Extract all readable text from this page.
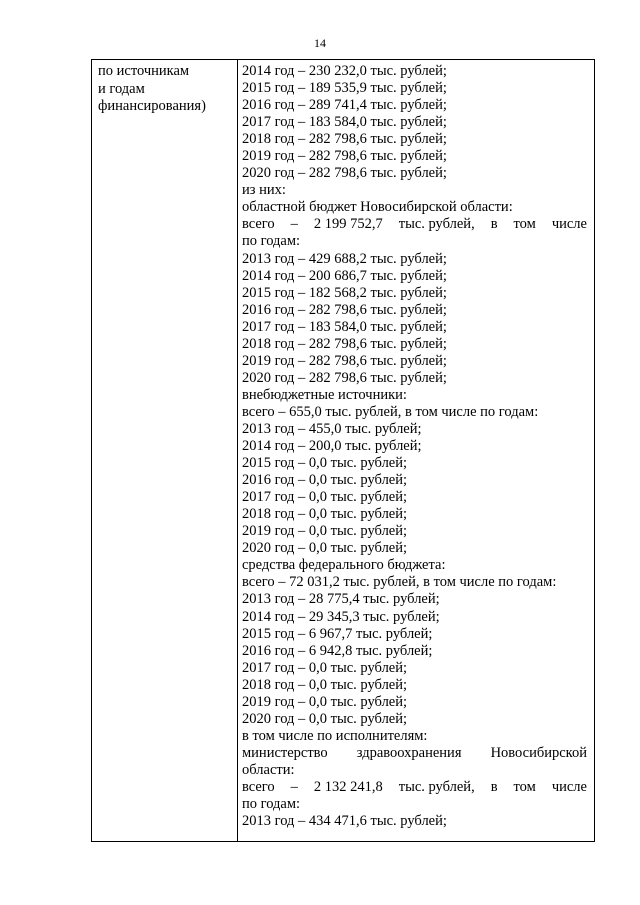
14
по источникам
и годам
финансирования)
2014 год – 230 232,0 тыс. рублей;
2015 год – 189 535,9 тыс. рублей;
2016 год – 289 741,4 тыс. рублей;
2017 год – 183 584,0 тыс. рублей;
2018 год – 282 798,6 тыс. рублей;
2019 год – 282 798,6 тыс. рублей;
2020 год – 282 798,6 тыс. рублей;
из них:
областной бюджет Новосибирской области:
всего – 2 199 752,7 тыс. рублей, в том числе
по годам:
2013 год – 429 688,2 тыс. рублей;
2014 год – 200 686,7 тыс. рублей;
2015 год – 182 568,2 тыс. рублей;
2016 год – 282 798,6 тыс. рублей;
2017 год – 183 584,0 тыс. рублей;
2018 год – 282 798,6 тыс. рублей;
2019 год – 282 798,6 тыс. рублей;
2020 год – 282 798,6 тыс. рублей;
внебюджетные источники:
всего – 655,0 тыс. рублей, в том числе по годам:
2013 год – 455,0 тыс. рублей;
2014 год – 200,0 тыс. рублей;
2015 год – 0,0 тыс. рублей;
2016 год – 0,0 тыс. рублей;
2017 год – 0,0 тыс. рублей;
2018 год – 0,0 тыс. рублей;
2019 год – 0,0 тыс. рублей;
2020 год – 0,0 тыс. рублей;
средства федерального бюджета:
всего – 72 031,2 тыс. рублей, в том числе по годам:
2013 год – 28 775,4 тыс. рублей;
2014 год – 29 345,3 тыс. рублей;
2015 год – 6 967,7 тыс. рублей;
2016 год – 6 942,8 тыс. рублей;
2017 год – 0,0 тыс. рублей;
2018 год – 0,0 тыс. рублей;
2019 год – 0,0 тыс. рублей;
2020 год – 0,0 тыс. рублей;
в том числе по исполнителям:
министерство здравоохранения Новосибирской
области:
всего – 2 132 241,8 тыс. рублей, в том числе
по годам:
2013 год – 434 471,6 тыс. рублей;
